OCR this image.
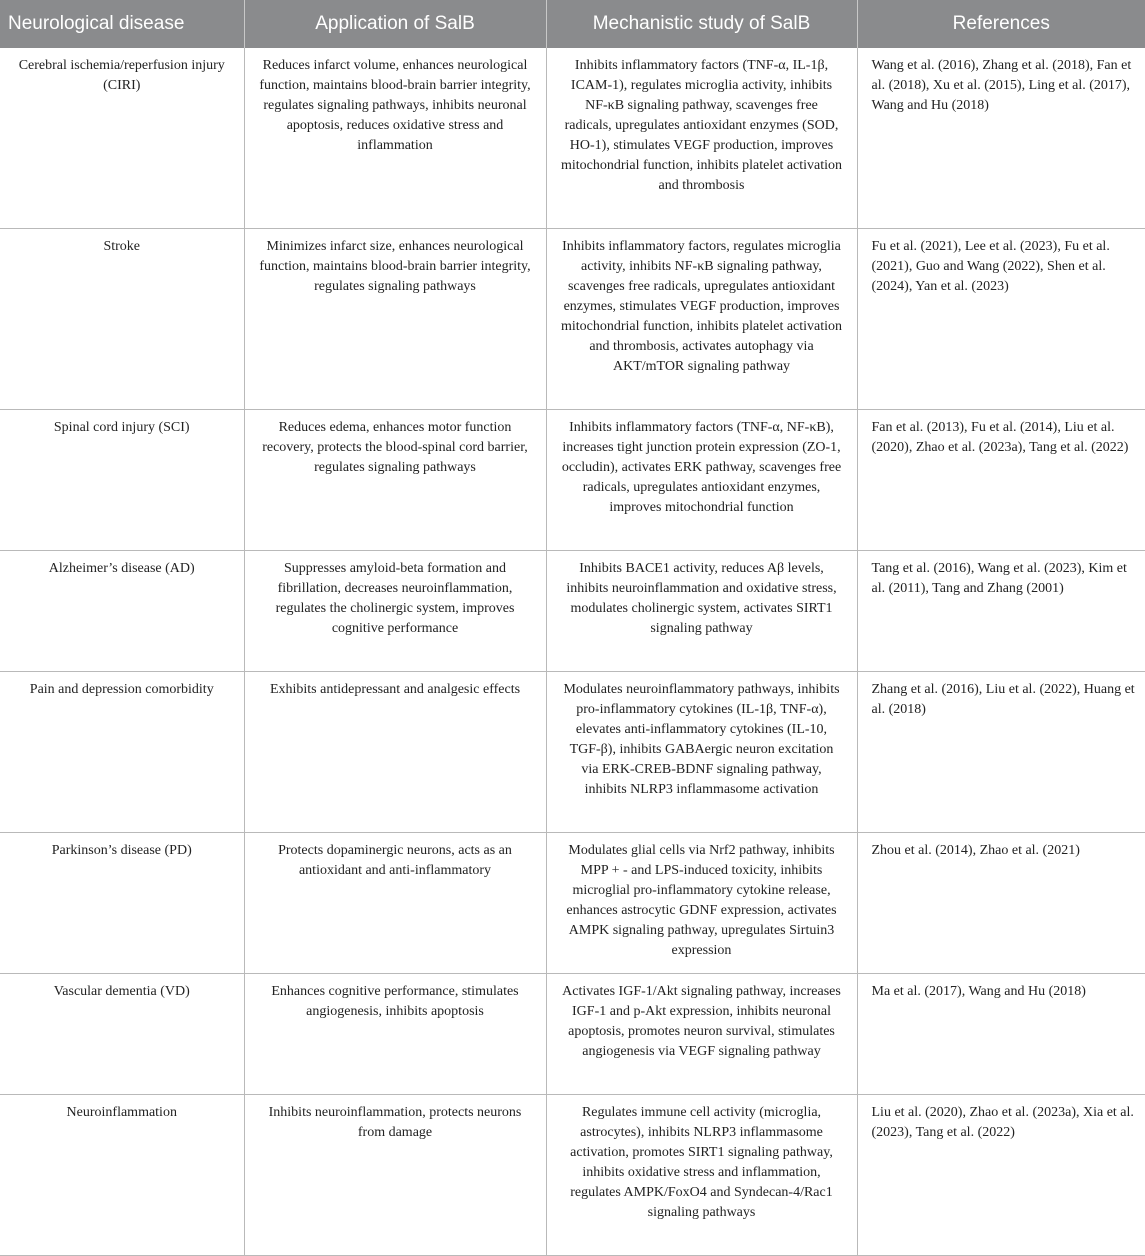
Neurological disease	Application of SalB	Mechanistic study of SalB	References
Cerebral ischemia/reperfusion injury (CIRI)	Reduces infarct volume, enhances neurological function, maintains blood-brain barrier integrity, regulates signaling pathways, inhibits neuronal apoptosis, reduces oxidative stress and inflammation	Inhibits inflammatory factors (TNF-α, IL-1β, ICAM-1), regulates microglia activity, inhibits NF-κB signaling pathway, scavenges free radicals, upregulates antioxidant enzymes (SOD, HO-1), stimulates VEGF production, improves mitochondrial function, inhibits platelet activation and thrombosis	Wang et al. (2016), Zhang et al. (2018), Fan et al. (2018), Xu et al. (2015), Ling et al. (2017), Wang and Hu (2018)
Stroke	Minimizes infarct size, enhances neurological function, maintains blood-brain barrier integrity, regulates signaling pathways	Inhibits inflammatory factors, regulates microglia activity, inhibits NF-κB signaling pathway, scavenges free radicals, upregulates antioxidant enzymes, stimulates VEGF production, improves mitochondrial function, inhibits platelet activation and thrombosis, activates autophagy via AKT/mTOR signaling pathway	Fu et al. (2021), Lee et al. (2023), Fu et al. (2021), Guo and Wang (2022), Shen et al. (2024), Yan et al. (2023)
Spinal cord injury (SCI)	Reduces edema, enhances motor function recovery, protects the blood-spinal cord barrier, regulates signaling pathways	Inhibits inflammatory factors (TNF-α, NF-κB), increases tight junction protein expression (ZO-1, occludin), activates ERK pathway, scavenges free radicals, upregulates antioxidant enzymes, improves mitochondrial function	Fan et al. (2013), Fu et al. (2014), Liu et al. (2020), Zhao et al. (2023a), Tang et al. (2022)
Alzheimer’s disease (AD)	Suppresses amyloid-beta formation and fibrillation, decreases neuroinflammation, regulates the cholinergic system, improves cognitive performance	Inhibits BACE1 activity, reduces Aβ levels, inhibits neuroinflammation and oxidative stress, modulates cholinergic system, activates SIRT1 signaling pathway	Tang et al. (2016), Wang et al. (2023), Kim et al. (2011), Tang and Zhang (2001)
Pain and depression comorbidity	Exhibits antidepressant and analgesic effects	Modulates neuroinflammatory pathways, inhibits pro-inflammatory cytokines (IL-1β, TNF-α), elevates anti-inflammatory cytokines (IL-10, TGF-β), inhibits GABAergic neuron excitation via ERK-CREB-BDNF signaling pathway, inhibits NLRP3 inflammasome activation	Zhang et al. (2016), Liu et al. (2022), Huang et al. (2018)
Parkinson’s disease (PD)	Protects dopaminergic neurons, acts as an antioxidant and anti-inflammatory	Modulates glial cells via Nrf2 pathway, inhibits MPP + - and LPS-induced toxicity, inhibits microglial pro-inflammatory cytokine release, enhances astrocytic GDNF expression, activates AMPK signaling pathway, upregulates Sirtuin3 expression	Zhou et al. (2014), Zhao et al. (2021)
Vascular dementia (VD)	Enhances cognitive performance, stimulates angiogenesis, inhibits apoptosis	Activates IGF-1/Akt signaling pathway, increases IGF-1 and p-Akt expression, inhibits neuronal apoptosis, promotes neuron survival, stimulates angiogenesis via VEGF signaling pathway	Ma et al. (2017), Wang and Hu (2018)
Neuroinflammation	Inhibits neuroinflammation, protects neurons from damage	Regulates immune cell activity (microglia, astrocytes), inhibits NLRP3 inflammasome activation, promotes SIRT1 signaling pathway, inhibits oxidative stress and inflammation, regulates AMPK/FoxO4 and Syndecan-4/Rac1 signaling pathways	Liu et al. (2020), Zhao et al. (2023a), Xia et al. (2023), Tang et al. (2022)
